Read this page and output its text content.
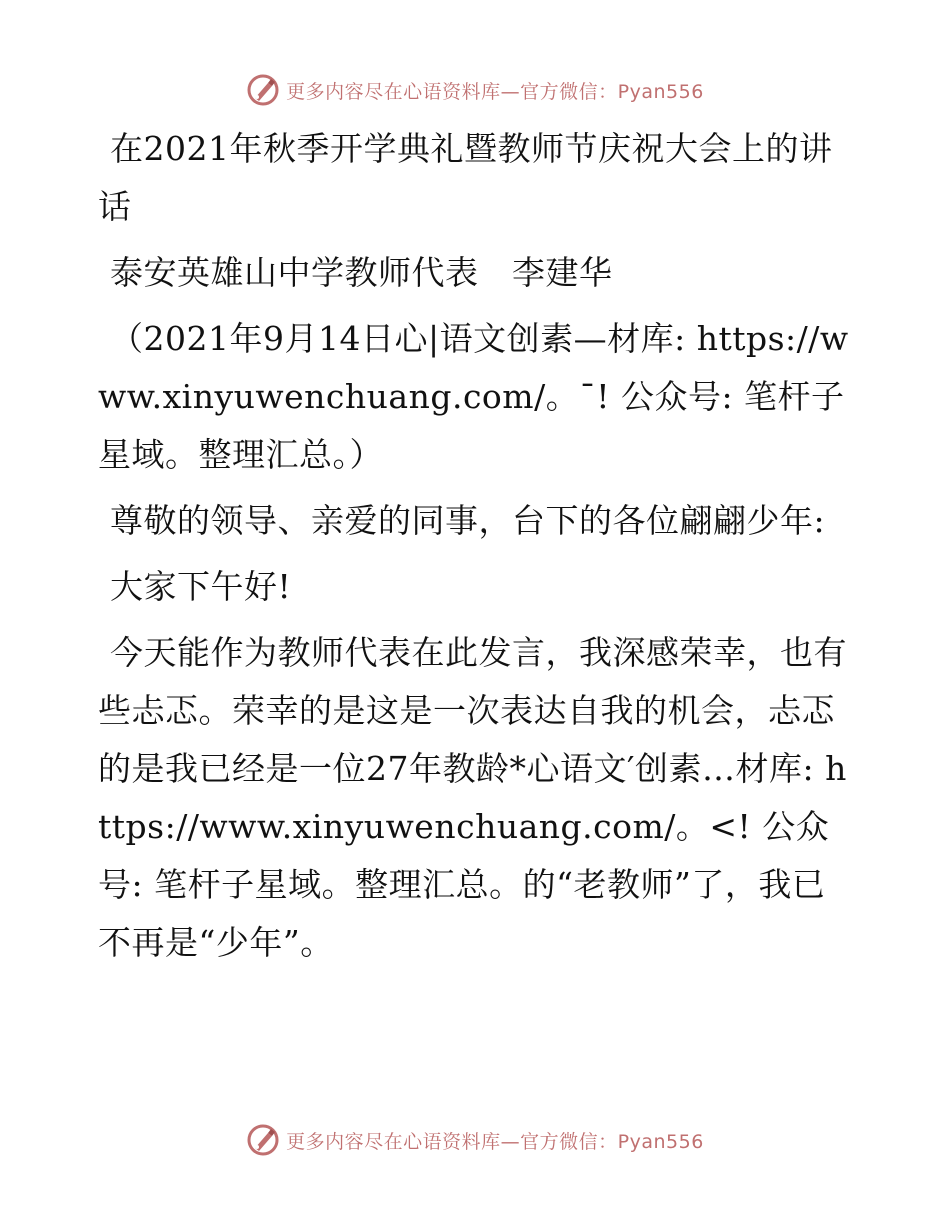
更多内容尽在心语资料库—官方微信：Pyan556

在2021年秋季开学典礼暨教师节庆祝大会上的讲话

泰安英雄山中学教师代表　李建华

（2021年9月14日心|语文创素—材库: https://www.xinyuwenchuang.com/。¯! 公众号: 笔杆子星域。整理汇总。）

尊敬的领导、亲爱的同事，台下的各位翩翩少年:

大家下午好!

今天能作为教师代表在此发言，我深感荣幸，也有些忐忑。荣幸的是这是一次表达自我的机会，忐忑的是我已经是一位27年教龄*心语文′创素…材库: https://www.xinyuwenchuang.com/。<! 公众号: 笔杆子星域。整理汇总。的“老教师”了，我已不再是“少年”。

更多内容尽在心语资料库—官方微信：Pyan556
